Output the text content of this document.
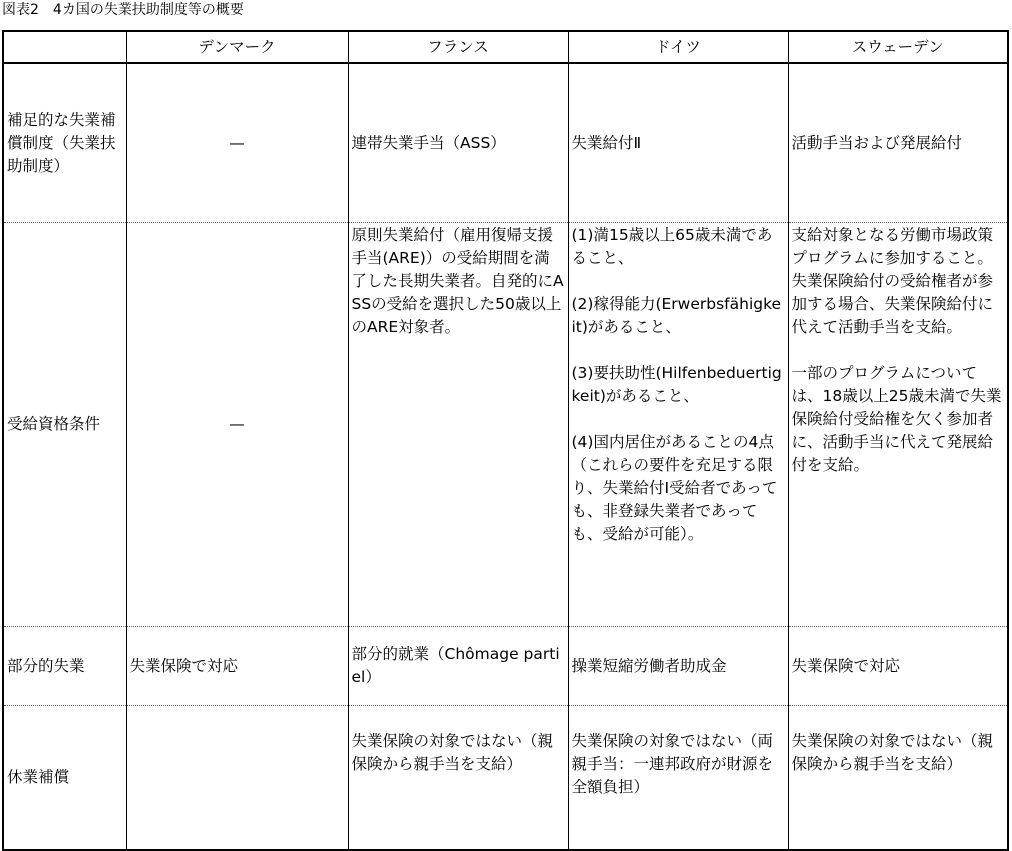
図表2　4カ国の失業扶助制度等の概要
	デンマーク	フランス	ドイツ	スウェーデン
補足的な失業補償制度（失業扶助制度）	—	連帯失業手当（ASS）	失業給付Ⅱ	活動手当および発展給付
受給資格条件	—	原則失業給付（雇用復帰支援手当(ARE)）の受給期間を満了した長期失業者。自発的にASSの受給を選択した50歳以上のARE対象者。	(1)満15歳以上65歳未満であること、

(2)稼得能力(Erwerbsfähigkeit)があること、

(3)要扶助性(Hilfenbeduertigkeit)があること、

(4)国内居住があることの4点（これらの要件を充足する限り、失業給付Ⅰ受給者であっても、非登録失業者であっても、受給が可能）。	支給対象となる労働市場政策プログラムに参加すること。失業保険給付の受給権者が参加する場合、失業保険給付に代えて活動手当を支給。

一部のプログラムについては、18歳以上25歳未満で失業保険給付受給権を欠く参加者に、活動手当に代えて発展給付を支給。
部分的失業	失業保険で対応	部分的就業（Chômage partiel）	操業短縮労働者助成金	失業保険で対応
休業補償		失業保険の対象ではない（親保険から親手当を支給）	失業保険の対象ではない（両親手当：一連邦政府が財源を全額負担）	失業保険の対象ではない（親保険から親手当を支給）
